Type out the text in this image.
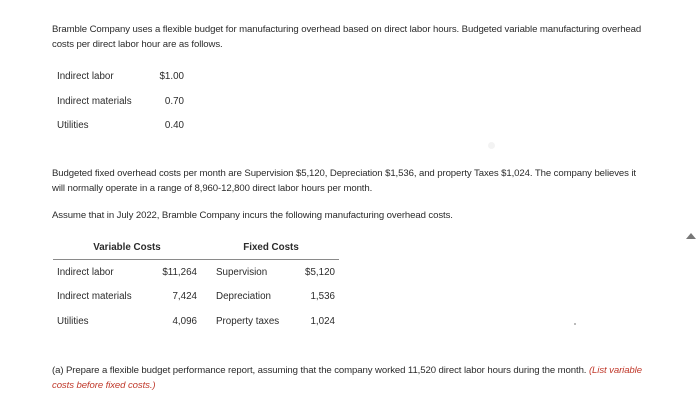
Bramble Company uses a flexible budget for manufacturing overhead based on direct labor hours. Budgeted variable manufacturing overhead costs per direct labor hour are as follows.
Indirect labor	$1.00
Indirect materials	0.70
Utilities	0.40
Budgeted fixed overhead costs per month are Supervision $5,120, Depreciation $1,536, and property Taxes $1,024. The company believes it will normally operate in a range of 8,960-12,800 direct labor hours per month.
Assume that in July 2022, Bramble Company incurs the following manufacturing overhead costs.
Variable Costs	Fixed Costs
Indirect labor	$11,264 Supervision	$5,120
Indirect materials	7,424 Depreciation	1,536
Utilities	4,096 Property taxes	1,024
(a) Prepare a flexible budget performance report, assuming that the company worked 11,520 direct labor hours during the month. (List variable costs before fixed costs.)
